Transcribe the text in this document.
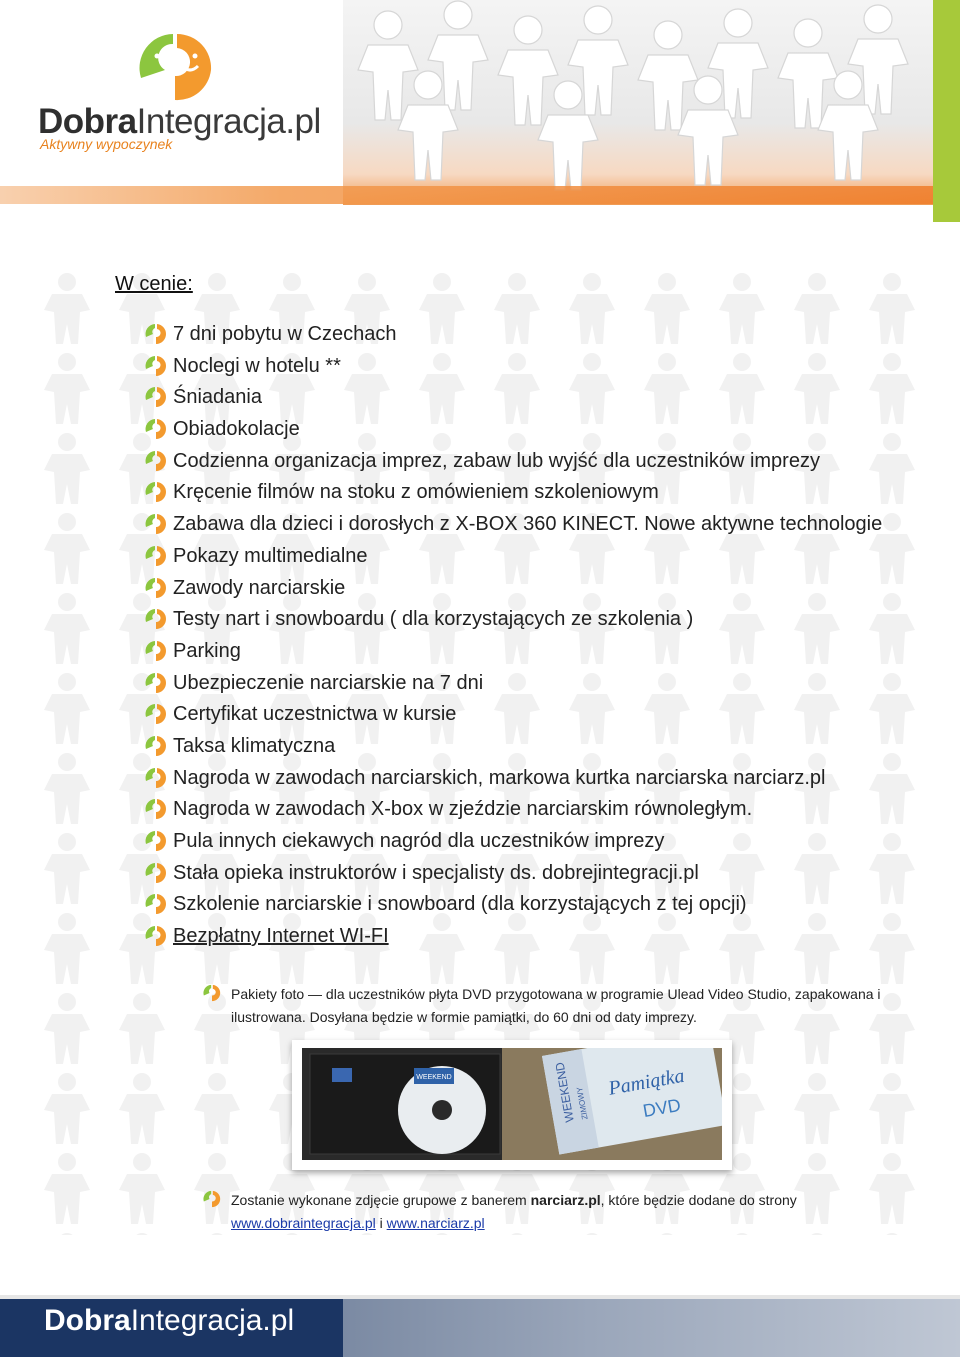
DobraIntegracja.pl
Aktywny wypoczynek
W cenie:
7 dni pobytu w Czechach
Noclegi w hotelu **
Śniadania
Obiadokolacje
Codzienna organizacja imprez, zabaw lub wyjść dla uczestników imprezy
Kręcenie filmów na stoku z omówieniem szkoleniowym
Zabawa dla dzieci i dorosłych z X-BOX 360 KINECT. Nowe aktywne technologie
Pokazy multimedialne
Zawody narciarskie
Testy nart i snowboardu ( dla korzystających ze szkolenia )
Parking
Ubezpieczenie narciarskie na 7 dni
Certyfikat uczestnictwa w kursie
Taksa klimatyczna
Nagroda w zawodach narciarskich, markowa kurtka narciarska narciarz.pl
Nagroda w zawodach X-box w zjeździe narciarskim równoległym.
Pula innych ciekawych nagród dla uczestników imprezy
Stała opieka instruktorów i specjalisty ds. dobrejintegracji.pl
Szkolenie narciarskie i snowboard (dla korzystających z tej opcji)
Bezpłatny Internet WI-FI
Pakiety foto — dla uczestników płyta DVD przygotowana w programie Ulead Video Studio, zapakowana i ilustrowana. Dosyłana będzie w formie pamiątki, do 60 dni od daty imprezy.
WEEKEND	WEEKEND
ZIMOWY
Pamiątka
DVD
Zostanie wykonane zdjęcie grupowe z banerem narciarz.pl, które będzie dodane do strony
www.dobraintegracja.pl i www.narciarz.pl
DobraIntegracja.pl
